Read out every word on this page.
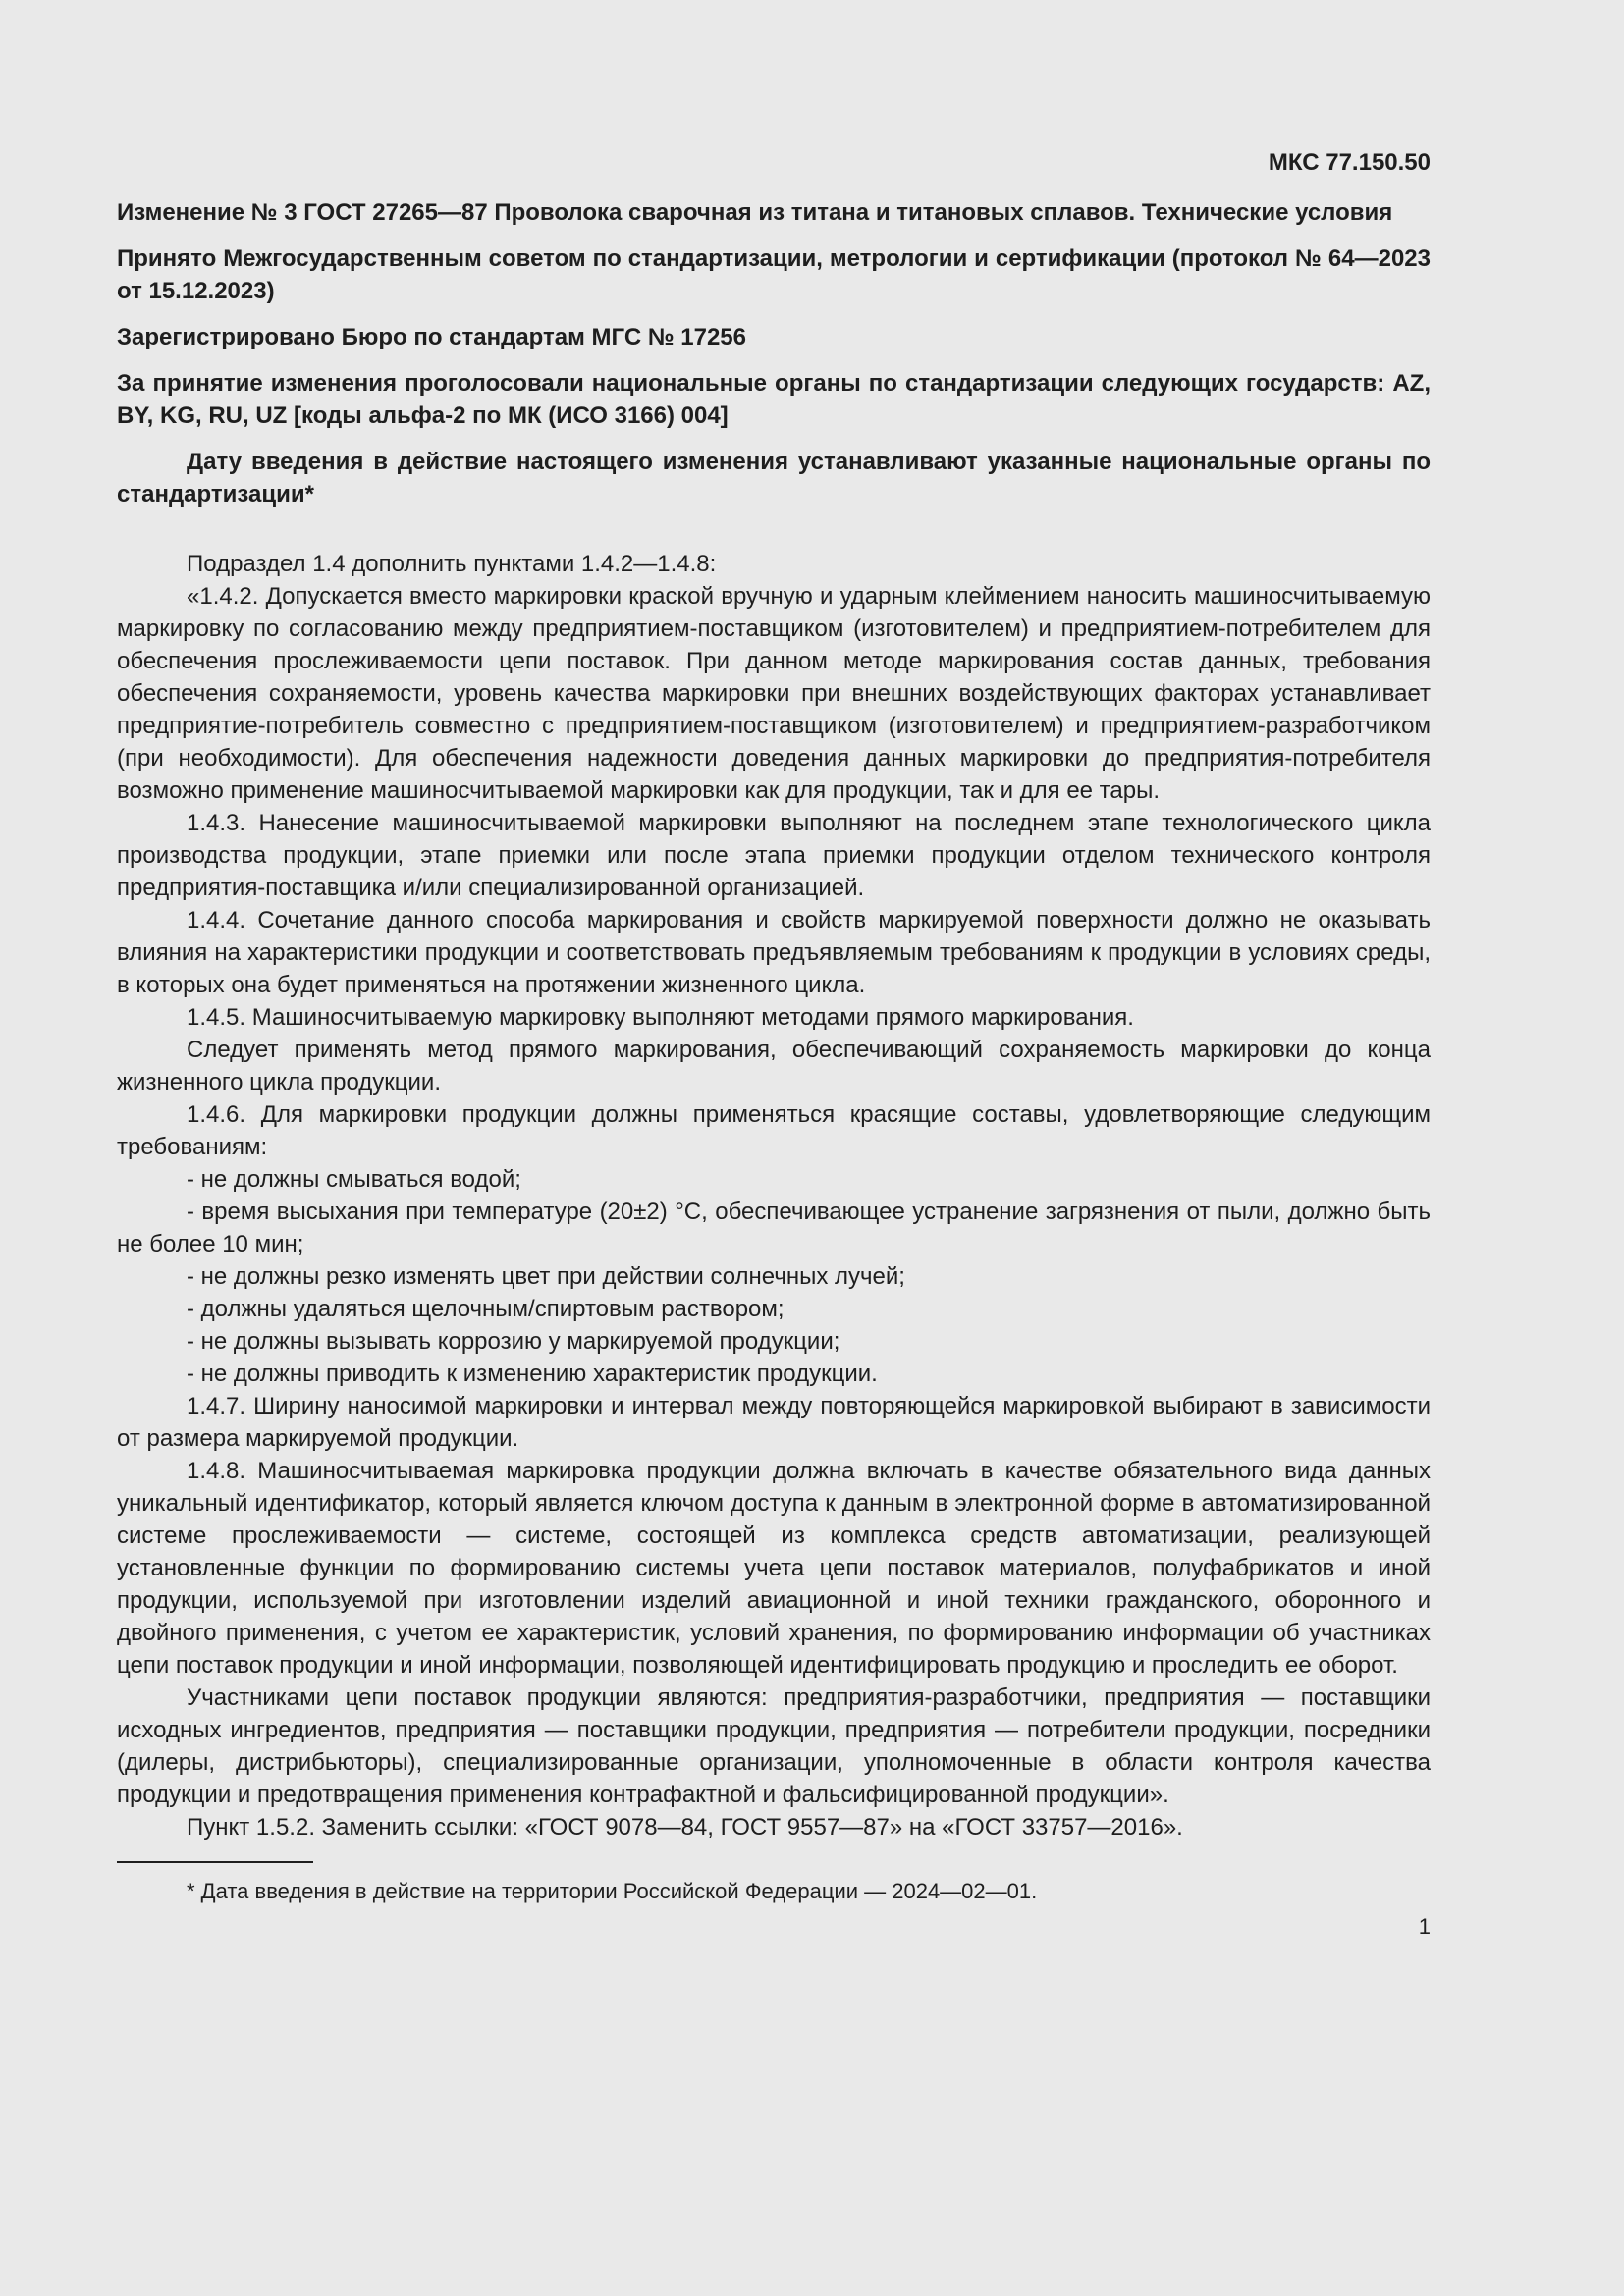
МКС 77.150.50
Изменение № 3 ГОСТ 27265—87 Проволока сварочная из титана и титановых сплавов. Технические условия
Принято Межгосударственным советом по стандартизации, метрологии и сертификации (протокол № 64—2023 от 15.12.2023)
Зарегистрировано Бюро по стандартам МГС № 17256
За принятие изменения проголосовали национальные органы по стандартизации следующих государств: AZ, BY, KG, RU, UZ [коды альфа-2 по МК (ИСО 3166) 004]
Дату введения в действие настоящего изменения устанавливают указанные национальные органы по стандартизации*

Подраздел 1.4 дополнить пунктами 1.4.2—1.4.8:

«1.4.2. Допускается вместо маркировки краской вручную и ударным клеймением наносить машиносчитываемую маркировку по согласованию между предприятием-поставщиком (изготовителем) и предприятием-потребителем для обеспечения прослеживаемости цепи поставок. При данном методе маркирования состав данных, требования обеспечения сохраняемости, уровень качества маркировки при внешних воздействующих факторах устанавливает предприятие-потребитель совместно с предприятием-поставщиком (изготовителем) и предприятием-разработчиком (при необходимости). Для обеспечения надежности доведения данных маркировки до предприятия-потребителя возможно применение машиносчитываемой маркировки как для продукции, так и для ее тары.

1.4.3. Нанесение машиносчитываемой маркировки выполняют на последнем этапе технологического цикла производства продукции, этапе приемки или после этапа приемки продукции отделом технического контроля предприятия-поставщика и/или специализированной организацией.

1.4.4. Сочетание данного способа маркирования и свойств маркируемой поверхности должно не оказывать влияния на характеристики продукции и соответствовать предъявляемым требованиям к продукции в условиях среды, в которых она будет применяться на протяжении жизненного цикла.

1.4.5. Машиносчитываемую маркировку выполняют методами прямого маркирования.

Следует применять метод прямого маркирования, обеспечивающий сохраняемость маркировки до конца жизненного цикла продукции.

1.4.6. Для маркировки продукции должны применяться красящие составы, удовлетворяющие следующим требованиям:

- не должны смываться водой;

- время высыхания при температуре (20±2) °С, обеспечивающее устранение загрязнения от пыли, должно быть не более 10 мин;

- не должны резко изменять цвет при действии солнечных лучей;

- должны удаляться щелочным/спиртовым раствором;

- не должны вызывать коррозию у маркируемой продукции;

- не должны приводить к изменению характеристик продукции.

1.4.7. Ширину наносимой маркировки и интервал между повторяющейся маркировкой выбирают в зависимости от размера маркируемой продукции.

1.4.8. Машиносчитываемая маркировка продукции должна включать в качестве обязательного вида данных уникальный идентификатор, который является ключом доступа к данным в электронной форме в автоматизированной системе прослеживаемости — системе, состоящей из комплекса средств автоматизации, реализующей установленные функции по формированию системы учета цепи поставок материалов, полуфабрикатов и иной продукции, используемой при изготовлении изделий авиационной и иной техники гражданского, оборонного и двойного применения, с учетом ее характеристик, условий хранения, по формированию информации об участниках цепи поставок продукции и иной информации, позволяющей идентифицировать продукцию и проследить ее оборот.

Участниками цепи поставок продукции являются: предприятия-разработчики, предприятия — поставщики исходных ингредиентов, предприятия — поставщики продукции, предприятия — потребители продукции, посредники (дилеры, дистрибьюторы), специализированные организации, уполномоченные в области контроля качества продукции и предотвращения применения контрафактной и фальсифицированной продукции».

Пункт 1.5.2. Заменить ссылки: «ГОСТ 9078—84, ГОСТ 9557—87» на «ГОСТ 33757—2016».

* Дата введения в действие на территории Российской Федерации — 2024—02—01.

1
